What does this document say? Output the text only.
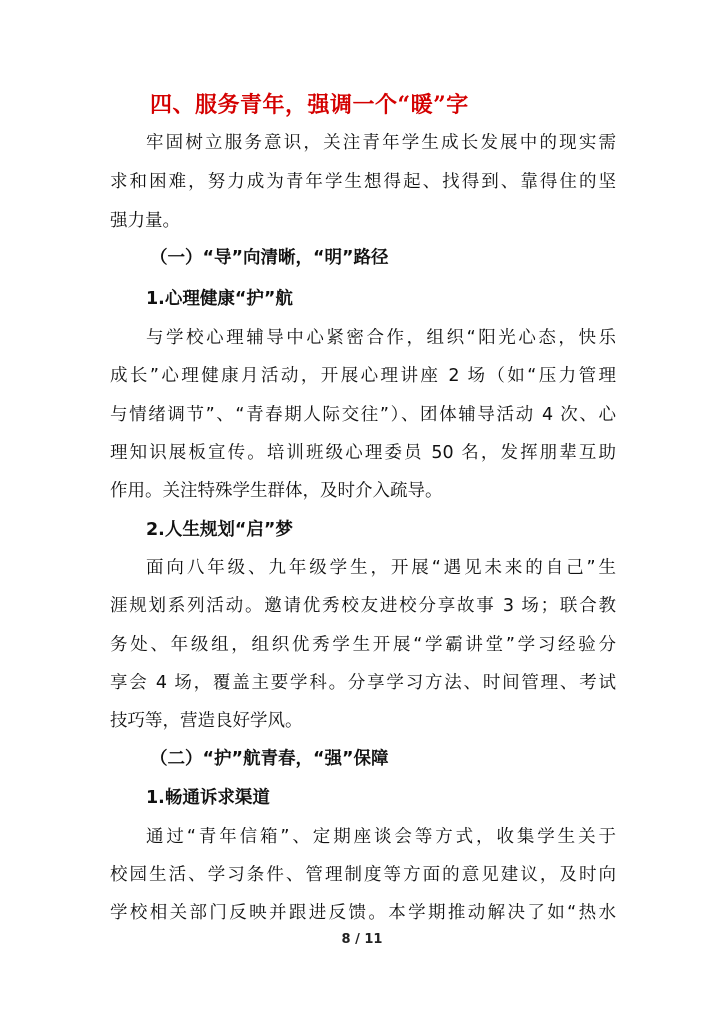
四、服务青年，强调一个“暖”字
牢固树立服务意识，关注青年学生成长发展中的现实需
求和困难，努力成为青年学生想得起、找得到、靠得住的坚
强力量。
（一）“导”向清晰，“明”路径
1.心理健康“护”航
与学校心理辅导中心紧密合作，组织“阳光心态，快乐
成长”心理健康月活动，开展心理讲座 2 场（如“压力管理
与情绪调节”、“青春期人际交往”）、团体辅导活动 4 次、心
理知识展板宣传。培训班级心理委员 50 名，发挥朋辈互助
作用。关注特殊学生群体，及时介入疏导。
2.人生规划“启”梦
面向八年级、九年级学生，开展“遇见未来的自己”生
涯规划系列活动。邀请优秀校友进校分享故事 3 场；联合教
务处、年级组，组织优秀学生开展“学霸讲堂”学习经验分
享会 4 场，覆盖主要学科。分享学习方法、时间管理、考试
技巧等，营造良好学风。
（二）“护”航青春，“强”保障
1.畅通诉求渠道
通过“青年信箱”、定期座谈会等方式，收集学生关于
校园生活、学习条件、管理制度等方面的意见建议，及时向
学校相关部门反映并跟进反馈。本学期推动解决了如“热水
8 / 11
